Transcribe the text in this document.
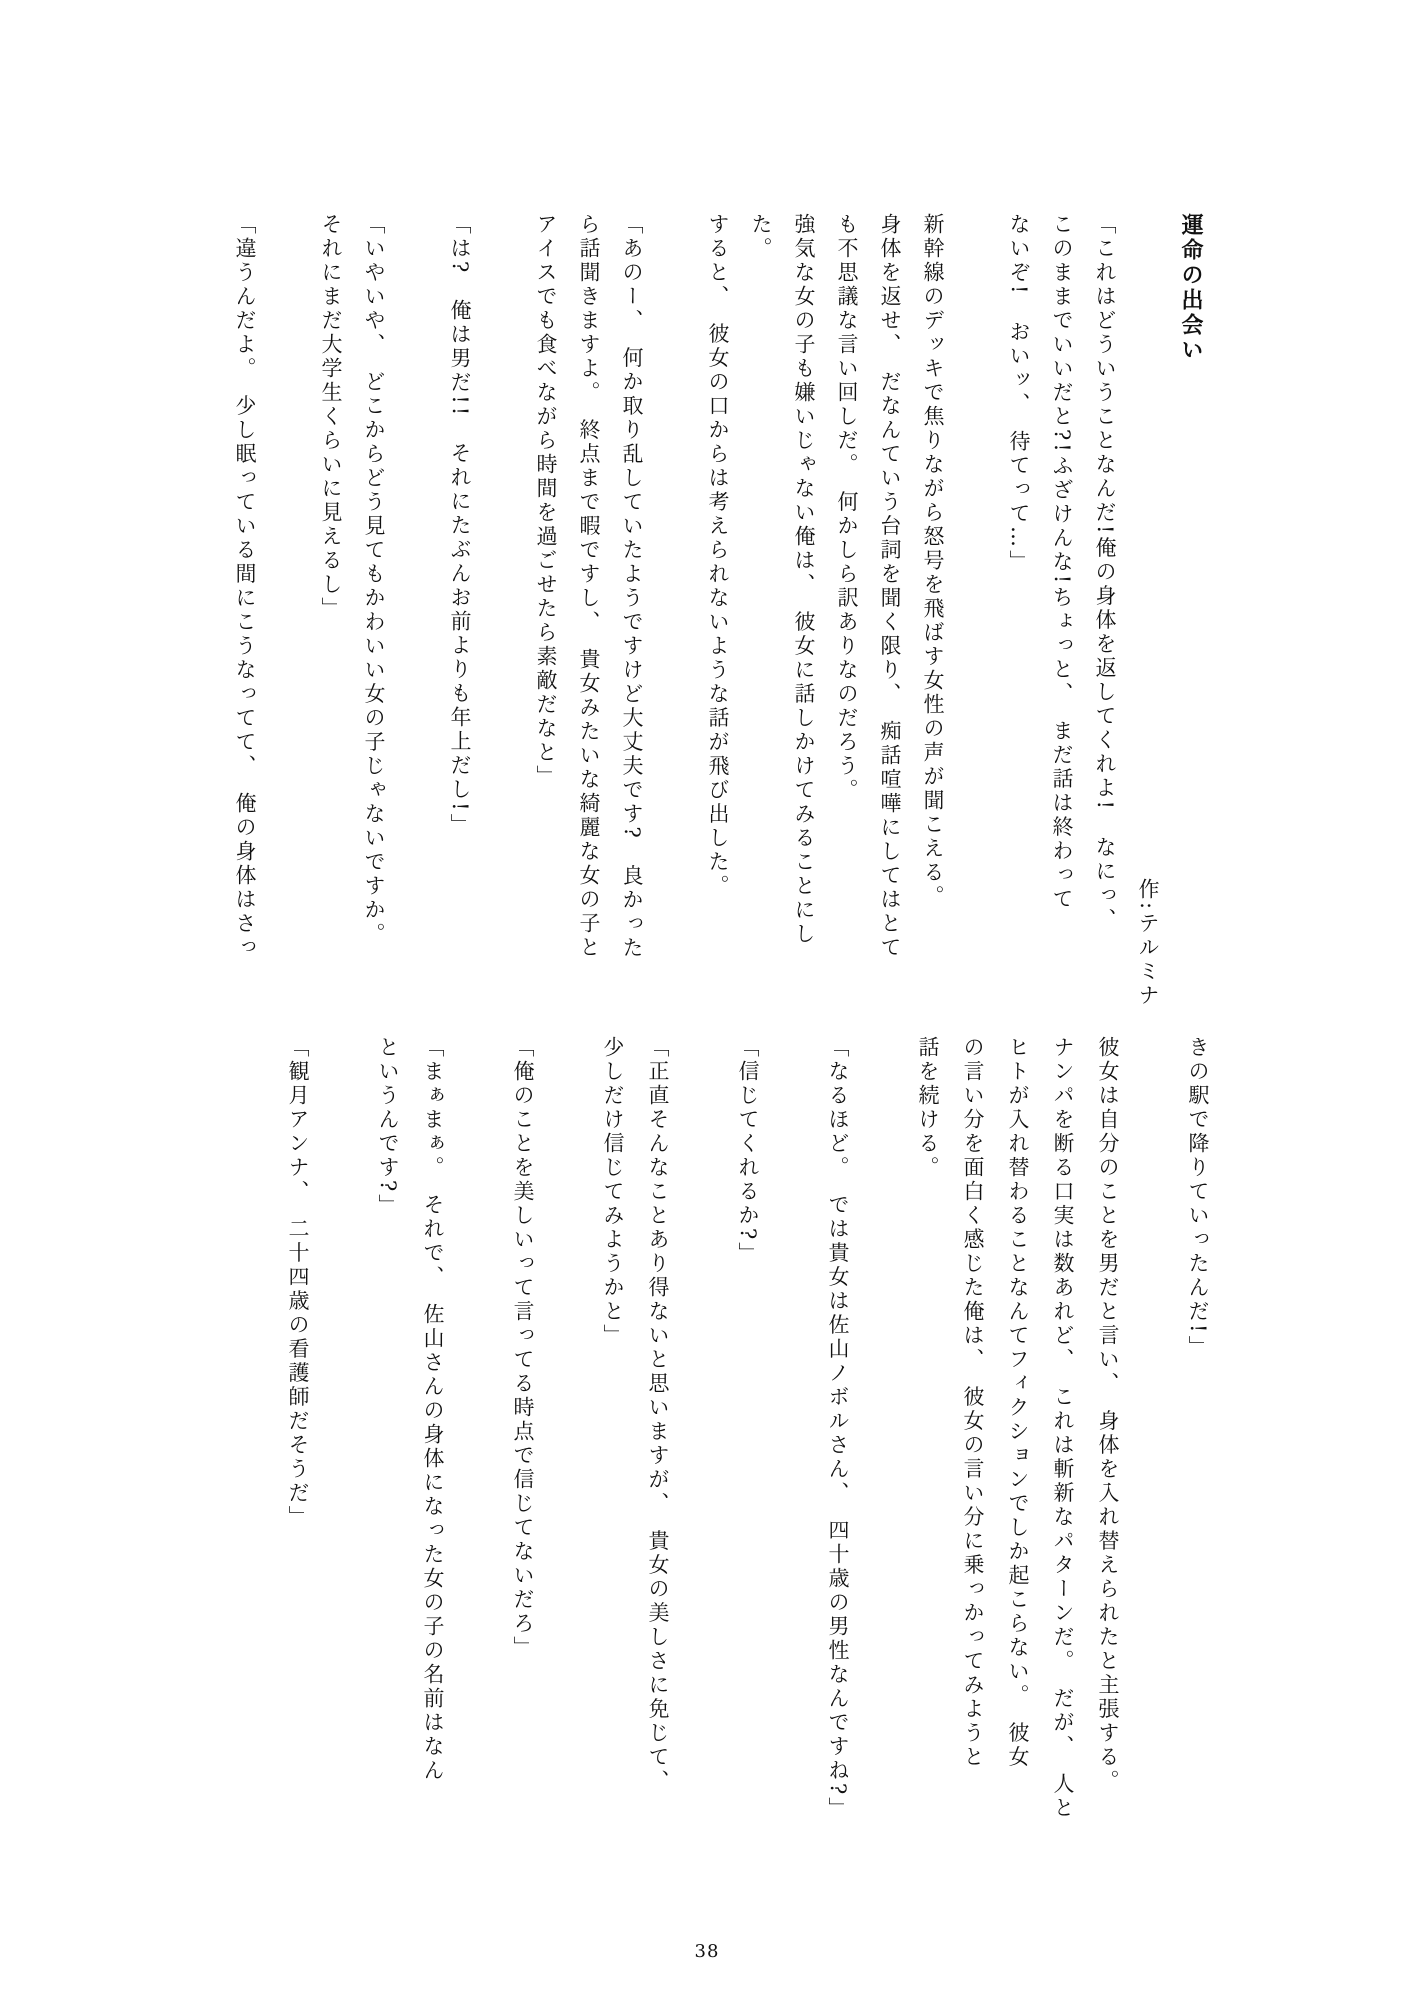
運命の出会い

作:テルミナ

「これはどういうことなんだ!俺の身体を返してくれよ!　なにっ、

このままでいいだと?!ふざけんな!ちょっと、　まだ話は終わって

ないぞ!　おいッ、　待てって…」

新幹線のデッキで焦りながら怒号を飛ばす女性の声が聞こえる。

身体を返せ、　だなんていう台詞を聞く限り、　痴話喧嘩にしてはとて

も不思議な言い回しだ。　何かしら訳ありなのだろう。

強気な女の子も嫌いじゃない俺は、　彼女に話しかけてみることにし

た。

すると、　彼女の口からは考えられないような話が飛び出した。

「あのー、　何か取り乱していたようですけど大丈夫です?　良かった

ら話聞きますよ。　終点まで暇ですし、　貴女みたいな綺麗な女の子と

アイスでも食べながら時間を過ごせたら素敵だなと」

「は?　俺は男だ!!　それにたぶんお前よりも年上だし!」

「いやいや、　どこからどう見てもかわいい女の子じゃないですか。

それにまだ大学生くらいに見えるし」

「違うんだよ。　少し眠っている間にこうなってて、　俺の身体はさっ

きの駅で降りていったんだ!」

彼女は自分のことを男だと言い、　身体を入れ替えられたと主張する。

ナンパを断る口実は数あれど、　これは斬新なパターンだ。　だが、　人と

ヒトが入れ替わることなんてフィクションでしか起こらない。　彼女

の言い分を面白く感じた俺は、　彼女の言い分に乗っかってみようと

話を続ける。

「なるほど。　では貴女は佐山ノボルさん、　四十歳の男性なんですね?」

「信じてくれるか?」

「正直そんなことあり得ないと思いますが、　貴女の美しさに免じて、

少しだけ信じてみようかと」

「俺のことを美しいって言ってる時点で信じてないだろ」

「まぁまぁ。　それで、　佐山さんの身体になった女の子の名前はなん

というんです?」

「観月アンナ、　二十四歳の看護師だそうだ」

38
